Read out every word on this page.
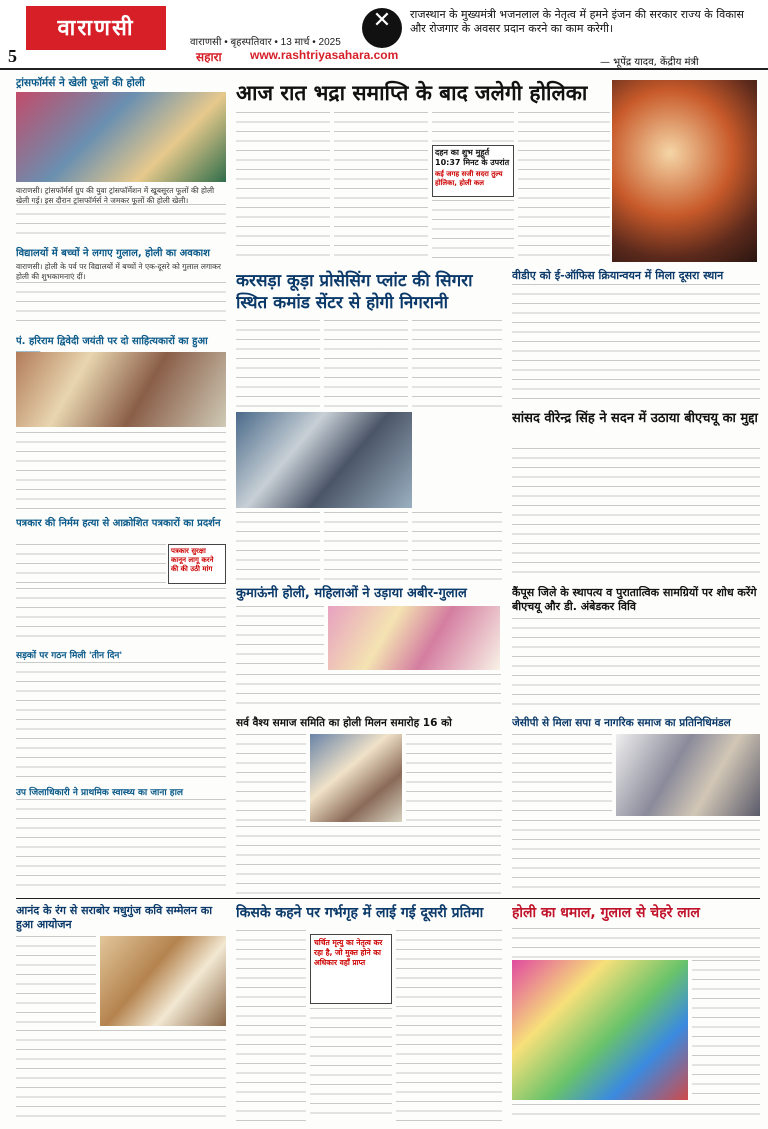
5
वाराणसी
वाराणसी • बृहस्पतिवार • 13 मार्च • 2025
सहारा www.rashtriyasahara.com
✕	राजस्थान के मुख्यमंत्री भजनलाल के नेतृत्व में हमने इंजन की सरकार राज्य के विकास और रोजगार के अवसर प्रदान करने का काम करेगी।
— भूपेंद्र यादव, केंद्रीय मंत्री
ट्रांसफॉर्मर्स ने खेली फूलों की होली
वाराणसी। ट्रांसफॉर्मर्स ग्रुप की युवा ट्रांसफॉर्मेशन में खूबसूरत फूलों की होली खेली गई। इस दौरान ट्रांसफॉर्मर्स ने जमकर फूलों की होली खेली।
विद्यालयों में बच्चों ने लगाए गुलाल, होली का अवकाश
वाराणसी। होली के पर्व पर विद्यालयों में बच्चों ने एक-दूसरे को गुलाल लगाकर होली की शुभकामनाएं दीं।
पं. हरिराम द्विवेदी जयंती पर दो साहित्यकारों का हुआ
पत्रकार की निर्मम हत्या से आक्रोशित पत्रकारों का प्रदर्शन
पत्रकार सुरक्षा कानून लागू करने की की उठी मांग
सड़कों पर गठन मिली 'तीन दिन'
उप जिलाधिकारी ने प्राथमिक स्वास्थ्य का जाना हाल
आज रात भद्रा समाप्ति के बाद जलेगी होलिका
दहन का शुभ मुहूर्त 10:37 मिनट के उपरांत
कई जगह सजी सदरा तुल्य होलिका, होली कल
करसड़ा कूड़ा प्रोसेसिंग प्लांट की सिगरा स्थित कमांड सेंटर से होगी निगरानी
वीडीए को ई-ऑफिस क्रियान्वयन में मिला दूसरा स्थान
सांसद वीरेन्द्र सिंह ने सदन में उठाया बीएचयू का मुद्दा
कुमाऊंनी होली, महिलाओं ने उड़ाया अबीर-गुलाल	कैंपूस जिले के स्थापत्य व पुरातात्विक सामग्रियों पर शोध करेंगे बीएचयू और डी. अंबेडकर विवि
सर्व वैश्य समाज समिति का होली मिलन समारोह 16 को	जेसीपी से मिला सपा व नागरिक समाज का प्रतिनिधिमंडल
आनंद के रंग से सराबोर मधुगुंज कवि सम्मेलन का हुआ आयोजन
किसके कहने पर गर्भगृह में लाई गई दूसरी प्रतिमा
चर्चित मृत्यु का नेतृत्व कर रहा है, जो मुक्त होने का अधिकार वहाँ प्राप्त
होली का धमाल, गुलाल से चेहरे लाल
